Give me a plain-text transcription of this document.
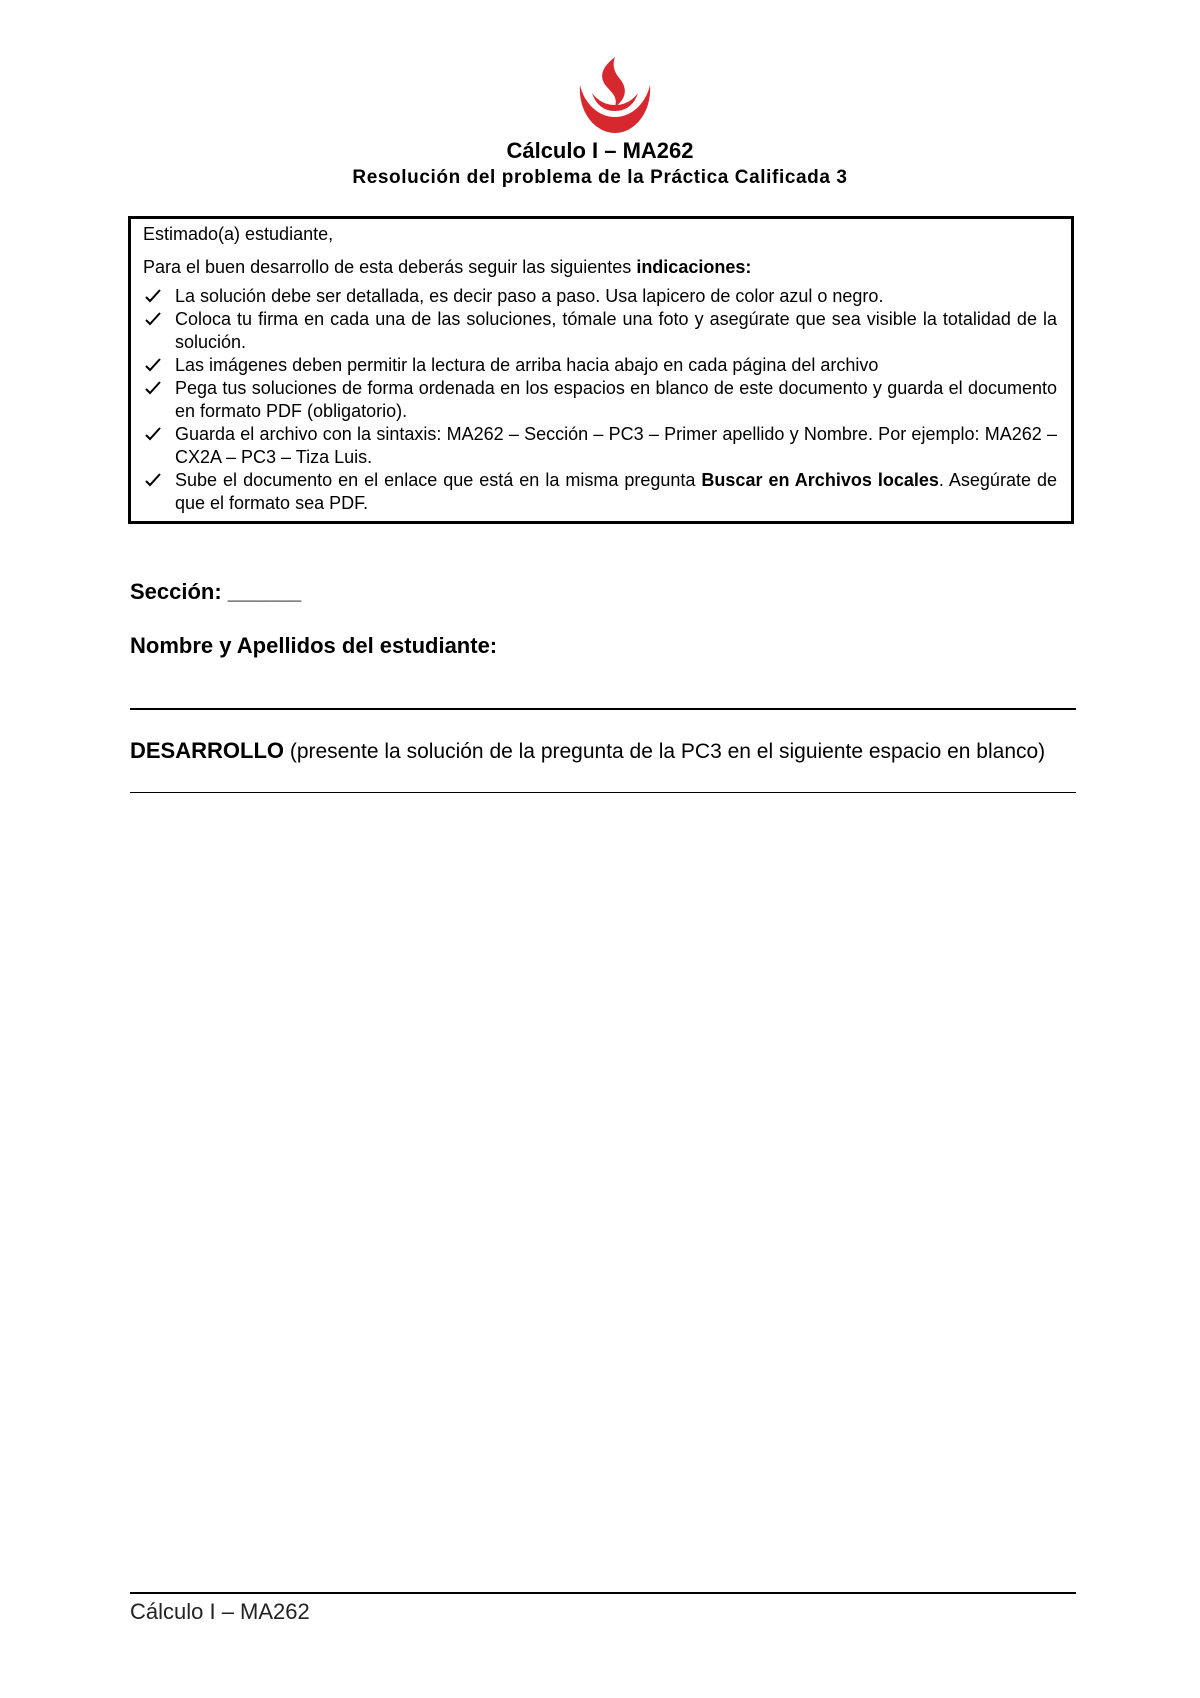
Cálculo I – MA262
Resolución del problema de la Práctica Calificada 3

Estimado(a) estudiante,

Para el buen desarrollo de esta deberás seguir las siguientes indicaciones:

La solución debe ser detallada, es decir paso a paso. Usa lapicero de color azul o negro.
Coloca tu firma en cada una de las soluciones, tómale una foto y asegúrate que sea visible la totalidad de la solución.
Las imágenes deben permitir la lectura de arriba hacia abajo en cada página del archivo
Pega tus soluciones de forma ordenada en los espacios en blanco de este documento y guarda el documento en formato PDF (obligatorio).
Guarda el archivo con la sintaxis: MA262 – Sección – PC3 – Primer apellido y Nombre. Por ejemplo: MA262 – CX2A – PC3 – Tiza Luis.
Sube el documento en el enlace que está en la misma pregunta Buscar en Archivos locales. Asegúrate de que el formato sea PDF.
Sección: ______
Nombre y Apellidos del estudiante:
DESARROLLO (presente la solución de la pregunta de la PC3 en el siguiente espacio en blanco)
Cálculo I – MA262
